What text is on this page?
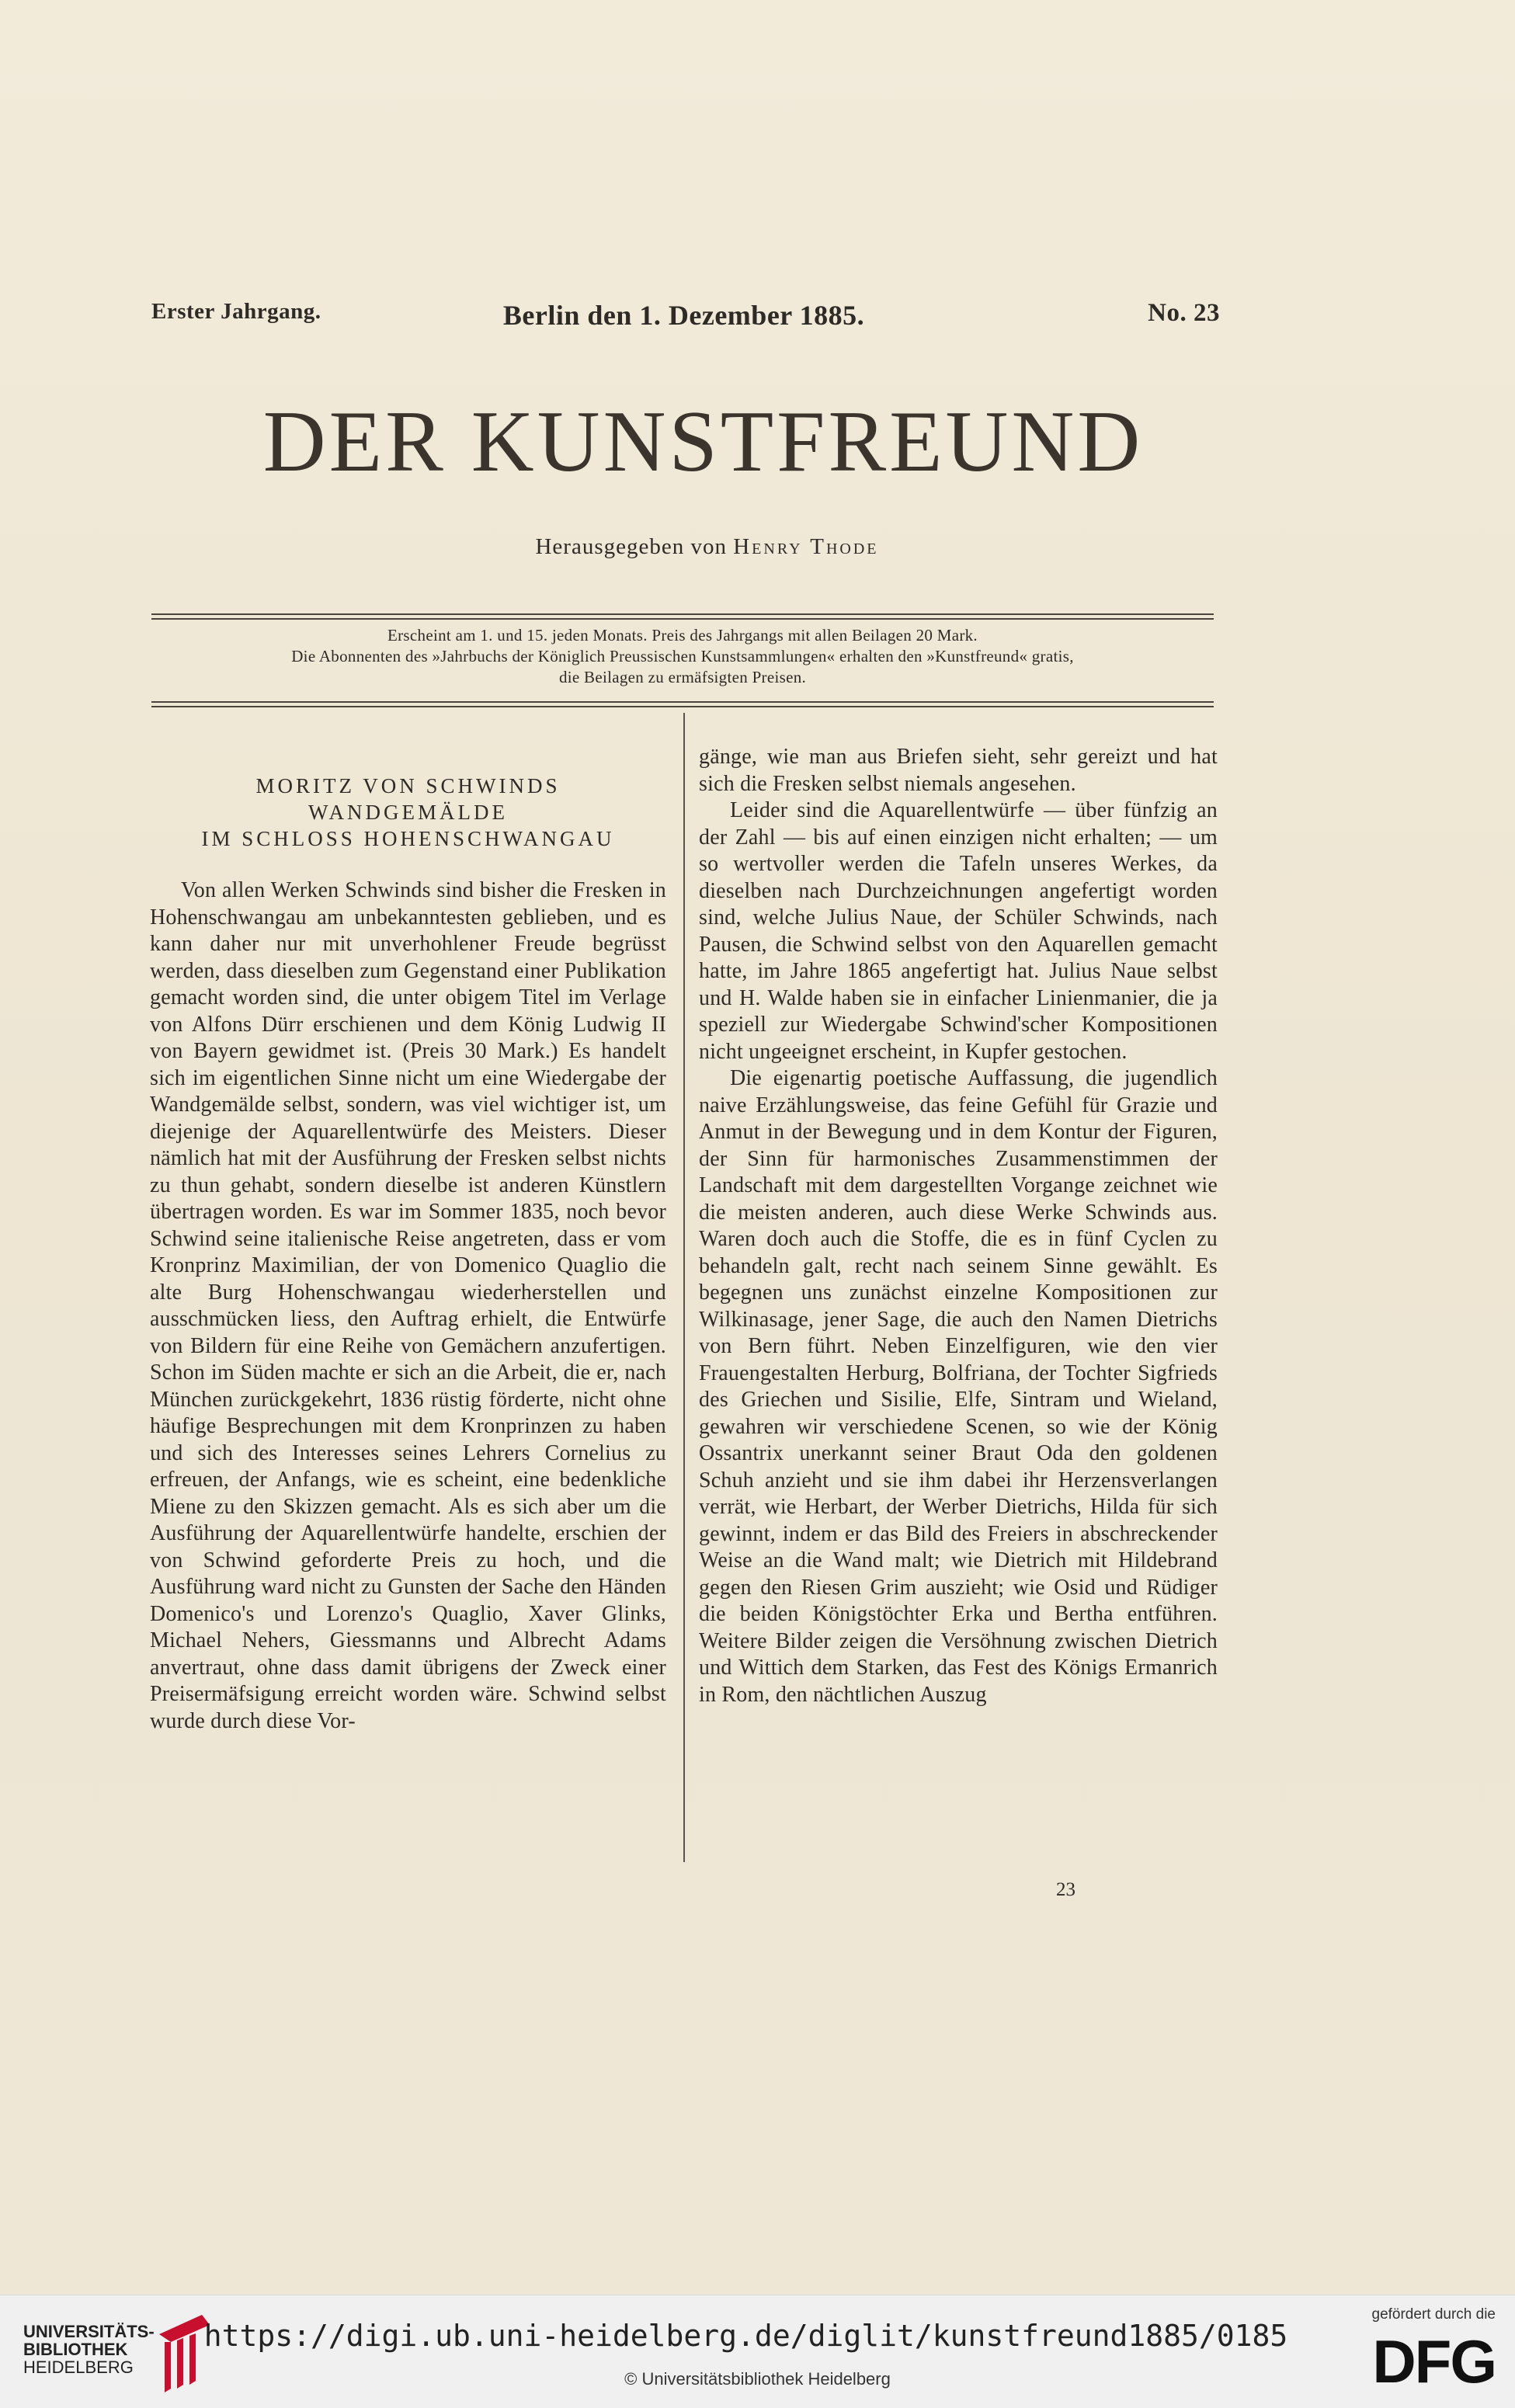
Erster Jahrgang.	Berlin den 1. Dezember 1885.	No. 23
DER KUNSTFREUND
Herausgegeben von Henry Thode
Erscheint am 1. und 15. jeden Monats. Preis des Jahrgangs mit allen Beilagen 20 Mark.
Die Abonnenten des »Jahrbuchs der Königlich Preussischen Kunstsammlungen« erhalten den »Kunstfreund« gratis,
die Beilagen zu ermäfsigten Preisen.
MORITZ VON SCHWINDS
WANDGEMÄLDE
IM SCHLOSS HOHENSCHWANGAU

Von allen Werken Schwinds sind bisher die Fresken in Hohenschwangau am unbekanntesten geblieben, und es kann daher nur mit unverhohlener Freude begrüsst werden, dass dieselben zum Gegenstand einer Publikation gemacht worden sind, die unter obigem Titel im Verlage von Alfons Dürr erschienen und dem König Ludwig II von Bayern gewidmet ist. (Preis 30 Mark.) Es handelt sich im eigentlichen Sinne nicht um eine Wiedergabe der Wandgemälde selbst, sondern, was viel wichtiger ist, um diejenige der Aquarellentwürfe des Meisters. Dieser nämlich hat mit der Ausführung der Fresken selbst nichts zu thun gehabt, sondern dieselbe ist anderen Künstlern übertragen worden. Es war im Sommer 1835, noch bevor Schwind seine italienische Reise angetreten, dass er vom Kronprinz Maximilian, der von Domenico Quaglio die alte Burg Hohenschwangau wiederherstellen und ausschmücken liess, den Auftrag erhielt, die Entwürfe von Bildern für eine Reihe von Gemächern anzufertigen. Schon im Süden machte er sich an die Arbeit, die er, nach München zurückgekehrt, 1836 rüstig förderte, nicht ohne häufige Besprechungen mit dem Kronprinzen zu haben und sich des Interesses seines Lehrers Cornelius zu erfreuen, der Anfangs, wie es scheint, eine bedenkliche Miene zu den Skizzen gemacht. Als es sich aber um die Ausführung der Aquarellentwürfe handelte, erschien der von Schwind geforderte Preis zu hoch, und die Ausführung ward nicht zu Gunsten der Sache den Händen Domenico's und Lorenzo's Quaglio, Xaver Glinks, Michael Nehers, Giessmanns und Albrecht Adams anvertraut, ohne dass damit übrigens der Zweck einer Preisermäfsigung erreicht worden wäre. Schwind selbst wurde durch diese Vor-

gänge, wie man aus Briefen sieht, sehr gereizt und hat sich die Fresken selbst niemals angesehen.

Leider sind die Aquarellentwürfe — über fünfzig an der Zahl — bis auf einen einzigen nicht erhalten; — um so wertvoller werden die Tafeln unseres Werkes, da dieselben nach Durchzeichnungen angefertigt worden sind, welche Julius Naue, der Schüler Schwinds, nach Pausen, die Schwind selbst von den Aquarellen gemacht hatte, im Jahre 1865 angefertigt hat. Julius Naue selbst und H. Walde haben sie in einfacher Linienmanier, die ja speziell zur Wiedergabe Schwind'scher Kompositionen nicht ungeeignet erscheint, in Kupfer gestochen.

Die eigenartig poetische Auffassung, die jugendlich naive Erzählungsweise, das feine Gefühl für Grazie und Anmut in der Bewegung und in dem Kontur der Figuren, der Sinn für harmonisches Zusammenstimmen der Landschaft mit dem dargestellten Vorgange zeichnet wie die meisten anderen, auch diese Werke Schwinds aus. Waren doch auch die Stoffe, die es in fünf Cyclen zu behandeln galt, recht nach seinem Sinne gewählt. Es begegnen uns zunächst einzelne Kompositionen zur Wilkinasage, jener Sage, die auch den Namen Dietrichs von Bern führt. Neben Einzelfiguren, wie den vier Frauengestalten Herburg, Bolfriana, der Tochter Sigfrieds des Griechen und Sisilie, Elfe, Sintram und Wieland, gewahren wir verschiedene Scenen, so wie der König Ossantrix unerkannt seiner Braut Oda den goldenen Schuh anzieht und sie ihm dabei ihr Herzensverlangen verrät, wie Herbart, der Werber Dietrichs, Hilda für sich gewinnt, indem er das Bild des Freiers in abschreckender Weise an die Wand malt; wie Dietrich mit Hildebrand gegen den Riesen Grim auszieht; wie Osid und Rüdiger die beiden Königstöchter Erka und Bertha entführen. Weitere Bilder zeigen die Versöhnung zwischen Dietrich und Wittich dem Starken, das Fest des Königs Ermanrich in Rom, den nächtlichen Auszug

23
UNIVERSITÄTS-
BIBLIOTHEK
HEIDELBERG
https://digi.ub.uni-heidelberg.de/diglit/kunstfreund1885/0185
© Universitätsbibliothek Heidelberg
gefördert durch die
DFG
